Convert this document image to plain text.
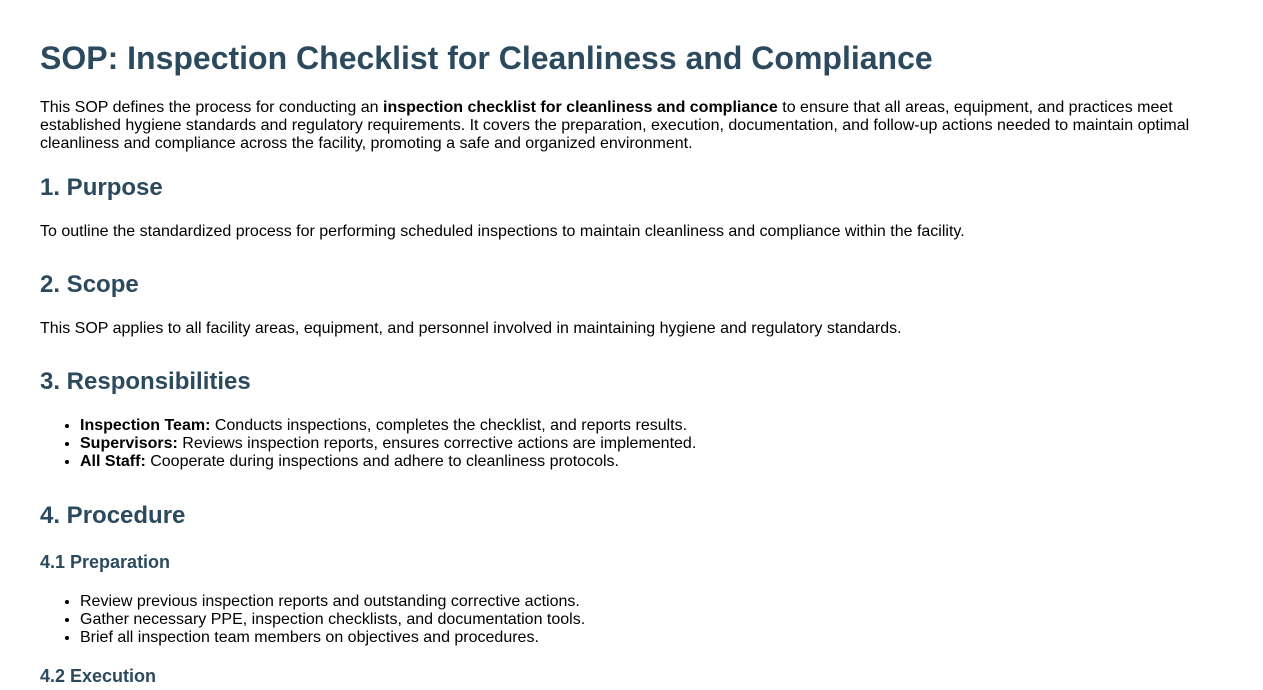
SOP: Inspection Checklist for Cleanliness and Compliance

This SOP defines the process for conducting an inspection checklist for cleanliness and compliance to ensure that all areas, equipment, and practices meet established hygiene standards and regulatory requirements. It covers the preparation, execution, documentation, and follow-up actions needed to maintain optimal cleanliness and compliance across the facility, promoting a safe and organized environment.

1. Purpose

To outline the standardized process for performing scheduled inspections to maintain cleanliness and compliance within the facility.

2. Scope

This SOP applies to all facility areas, equipment, and personnel involved in maintaining hygiene and regulatory standards.

3. Responsibilities
• Inspection Team: Conducts inspections, completes the checklist, and reports results.
• Supervisors: Reviews inspection reports, ensures corrective actions are implemented.
• All Staff: Cooperate during inspections and adhere to cleanliness protocols.
4. Procedure
4.1 Preparation
• Review previous inspection reports and outstanding corrective actions.
• Gather necessary PPE, inspection checklists, and documentation tools.
• Brief all inspection team members on objectives and procedures.
4.2 Execution
